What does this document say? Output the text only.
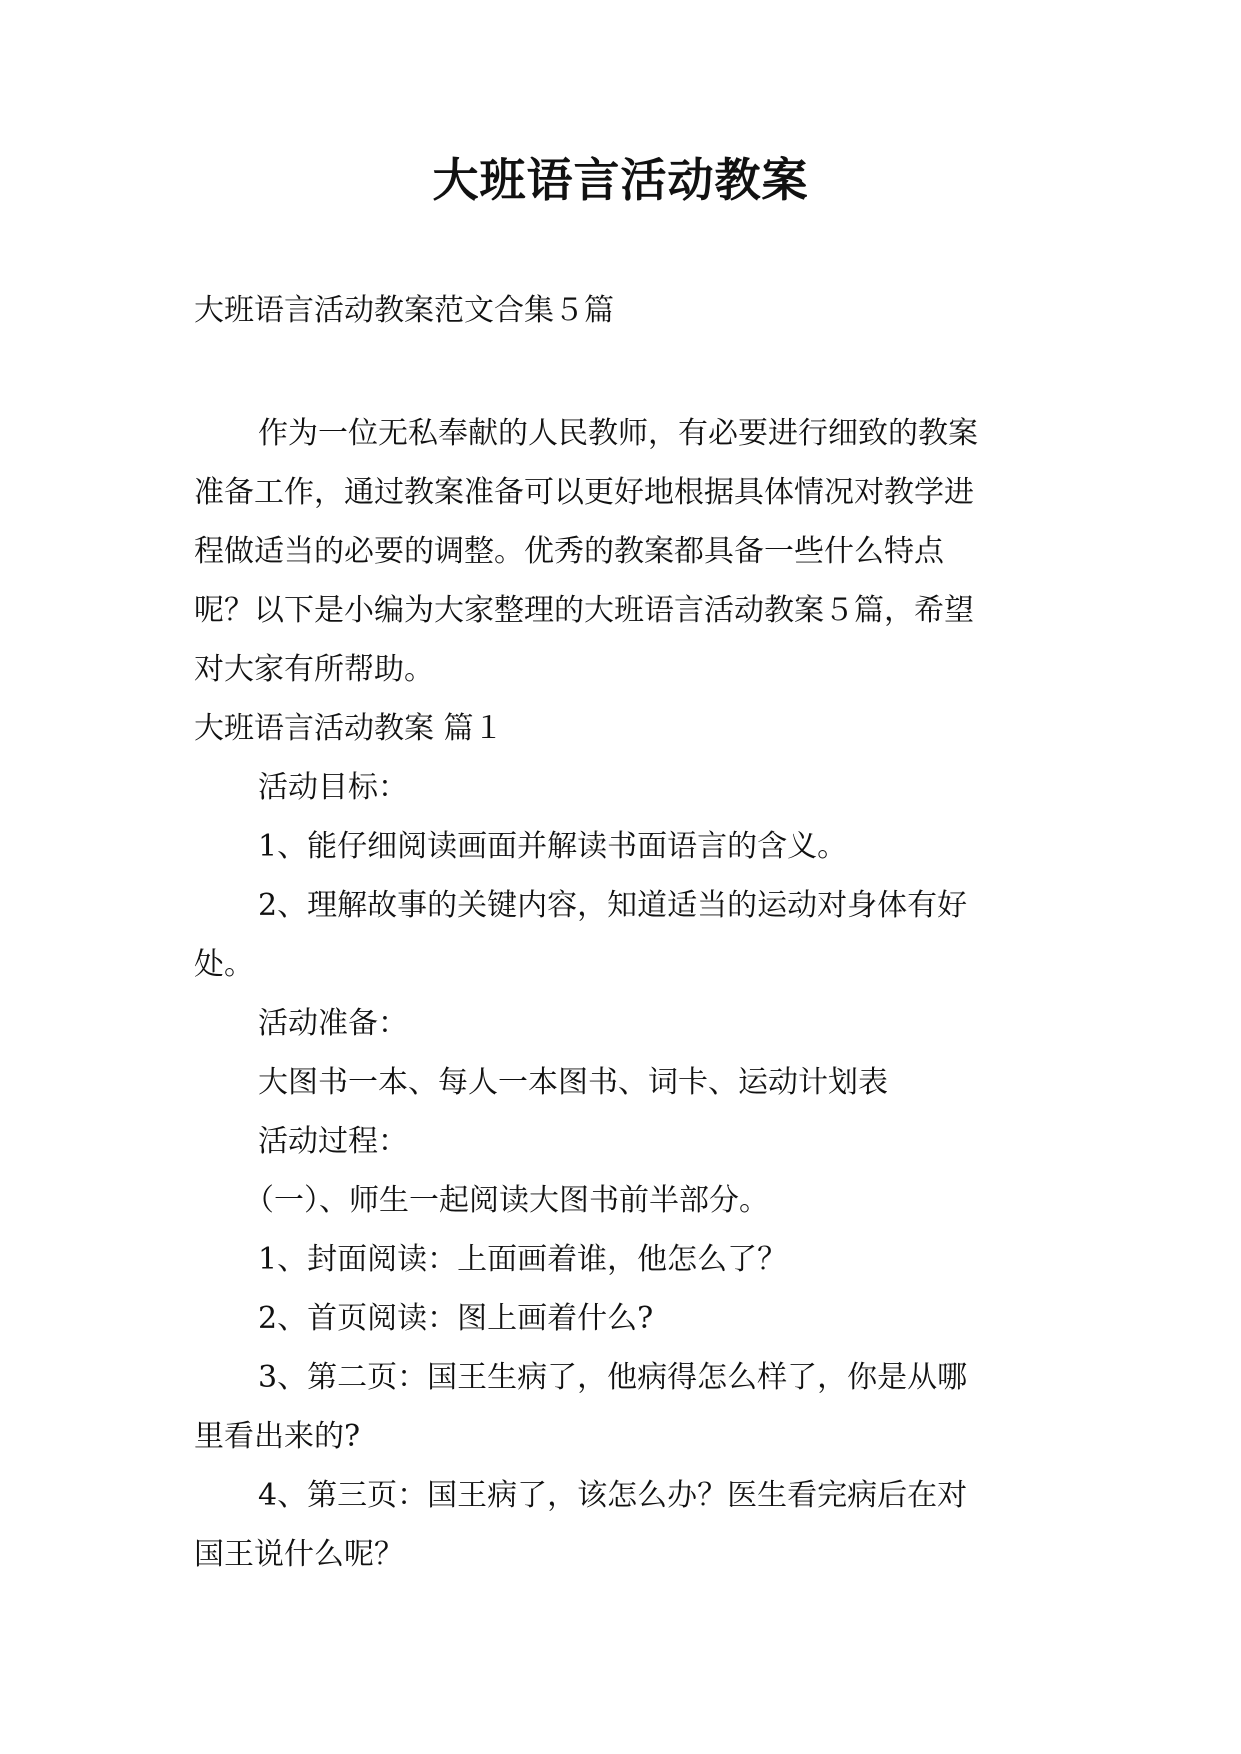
大班语言活动教案

大班语言活动教案范文合集５篇

作为一位无私奉献的人民教师，有必要进行细致的教案

准备工作，通过教案准备可以更好地根据具体情况对教学进

程做适当的必要的调整。优秀的教案都具备一些什么特点

呢？以下是小编为大家整理的大班语言活动教案５篇，希望

对大家有所帮助。

大班语言活动教案 篇１

活动目标：

1、能仔细阅读画面并解读书面语言的含义。

2、理解故事的关键内容，知道适当的运动对身体有好

处。

活动准备：

大图书一本、每人一本图书、词卡、运动计划表

活动过程：

（一）、师生一起阅读大图书前半部分。

1、封面阅读：上面画着谁，他怎么了？

2、首页阅读：图上画着什么?

3、第二页：国王生病了，他病得怎么样了，你是从哪

里看出来的?

4、第三页：国王病了，该怎么办？医生看完病后在对

国王说什么呢？
